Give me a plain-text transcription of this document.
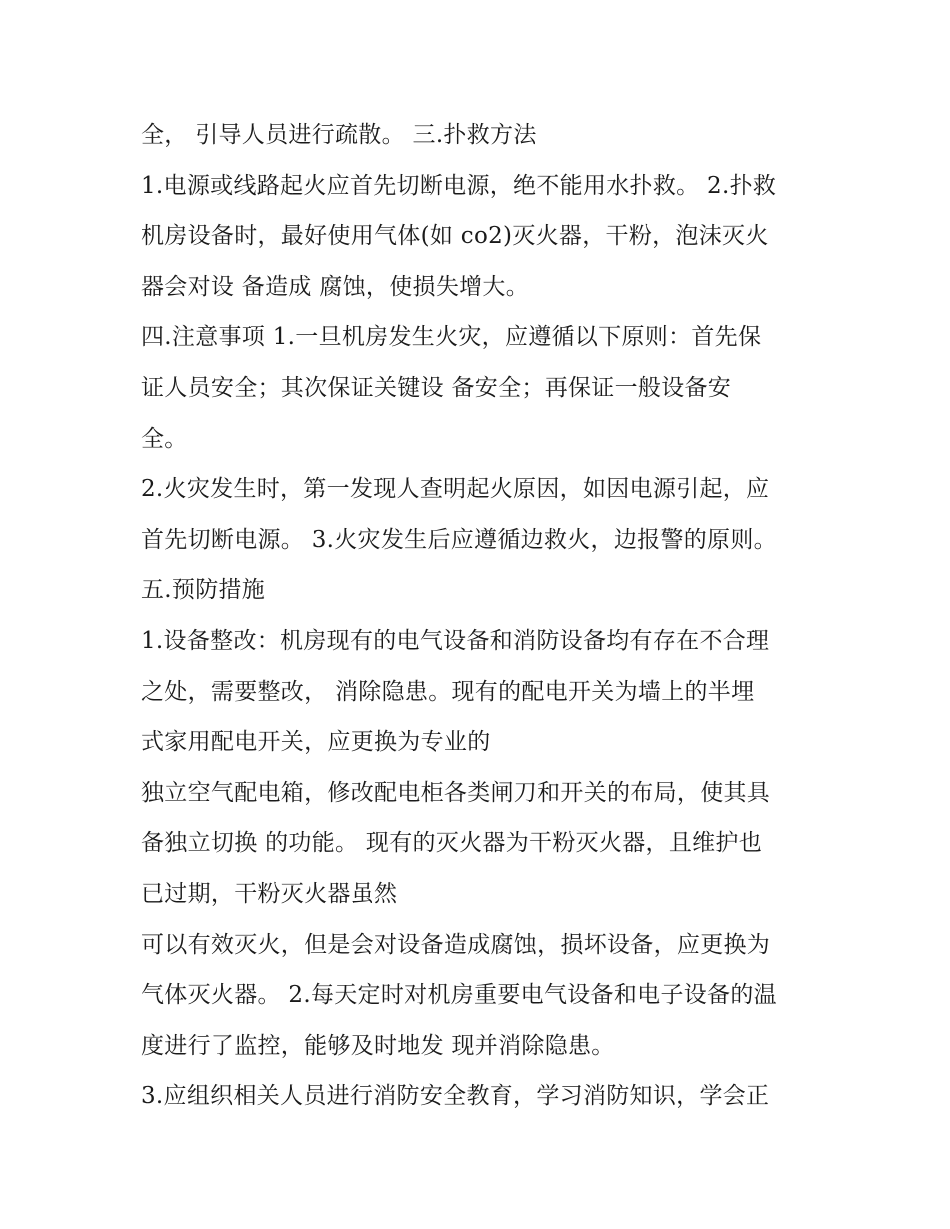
全， 引导人员进行疏散。 三.扑救方法
1.电源或线路起火应首先切断电源，绝不能用水扑救。 2.扑救
机房设备时，最好使用气体(如 co2)灭火器，干粉，泡沫灭火
器会对设 备造成 腐蚀，使损失增大。
四.注意事项 1.一旦机房发生火灾，应遵循以下原则：首先保
证人员安全；其次保证关键设 备安全；再保证一般设备安
全。
2.火灾发生时，第一发现人查明起火原因，如因电源引起，应
首先切断电源。 3.火灾发生后应遵循边救火，边报警的原则。
五.预防措施
1.设备整改：机房现有的电气设备和消防设备均有存在不合理
之处，需要整改， 消除隐患。现有的配电开关为墙上的半埋
式家用配电开关，应更换为专业的
独立空气配电箱，修改配电柜各类闸刀和开关的布局，使其具
备独立切换 的功能。 现有的灭火器为干粉灭火器，且维护也
已过期，干粉灭火器虽然
可以有效灭火，但是会对设备造成腐蚀，损坏设备，应更换为
气体灭火器。 2.每天定时对机房重要电气设备和电子设备的温
度进行了监控，能够及时地发 现并消除隐患。
3.应组织相关人员进行消防安全教育，学习消防知识，学会正
